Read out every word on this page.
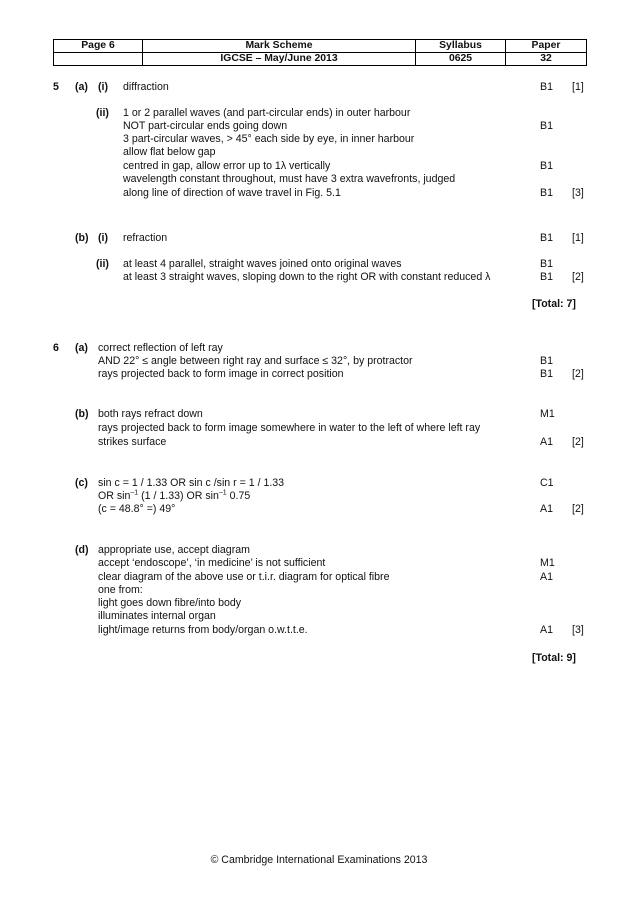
Page 6	Mark Scheme	Syllabus	Paper
	IGCSE – May/June 2013	0625	32
5 (a) (i) diffraction	B1 [1]
(ii) 1 or 2 parallel waves (and part-circular ends) in outer harbour
NOT part-circular ends going down	B1
3 part-circular waves, > 45° each side by eye, in inner harbour
allow flat below gap
centred in gap, allow error up to 1λ vertically	B1
wavelength constant throughout, must have 3 extra wavefronts, judged
along line of direction of wave travel in Fig. 5.1	B1 [3]
(b) (i) refraction	B1 [1]
(ii) at least 4 parallel, straight waves joined onto original waves	B1
at least 3 straight waves, sloping down to the right OR with constant reduced λ	B1 [2]
[Total: 7]
6 (a) correct reflection of left ray
AND 22° ≤ angle between right ray and surface ≤ 32°, by protractor	B1
rays projected back to form image in correct position	B1 [2]
(b) both rays refract down	M1
rays projected back to form image somewhere in water to the left of where left ray
strikes surface	A1 [2]
(c) sin c = 1 / 1.33 OR sin c /sin r = 1 / 1.33	C1
OR $\sin^{-1} (1 / 1.33)$ OR $\sin^{-1} 0.75$
(c = 48.8° =) 49°	A1 [2]
(d) appropriate use, accept diagram
accept ‘endoscope’, ‘in medicine’ is not sufficient	M1
clear diagram of the above use or t.i.r. diagram for optical fibre	A1
one from:
light goes down fibre/into body
illuminates internal organ
light/image returns from body/organ o.w.t.t.e.	A1 [3]
[Total: 9]
© Cambridge International Examinations 2013
